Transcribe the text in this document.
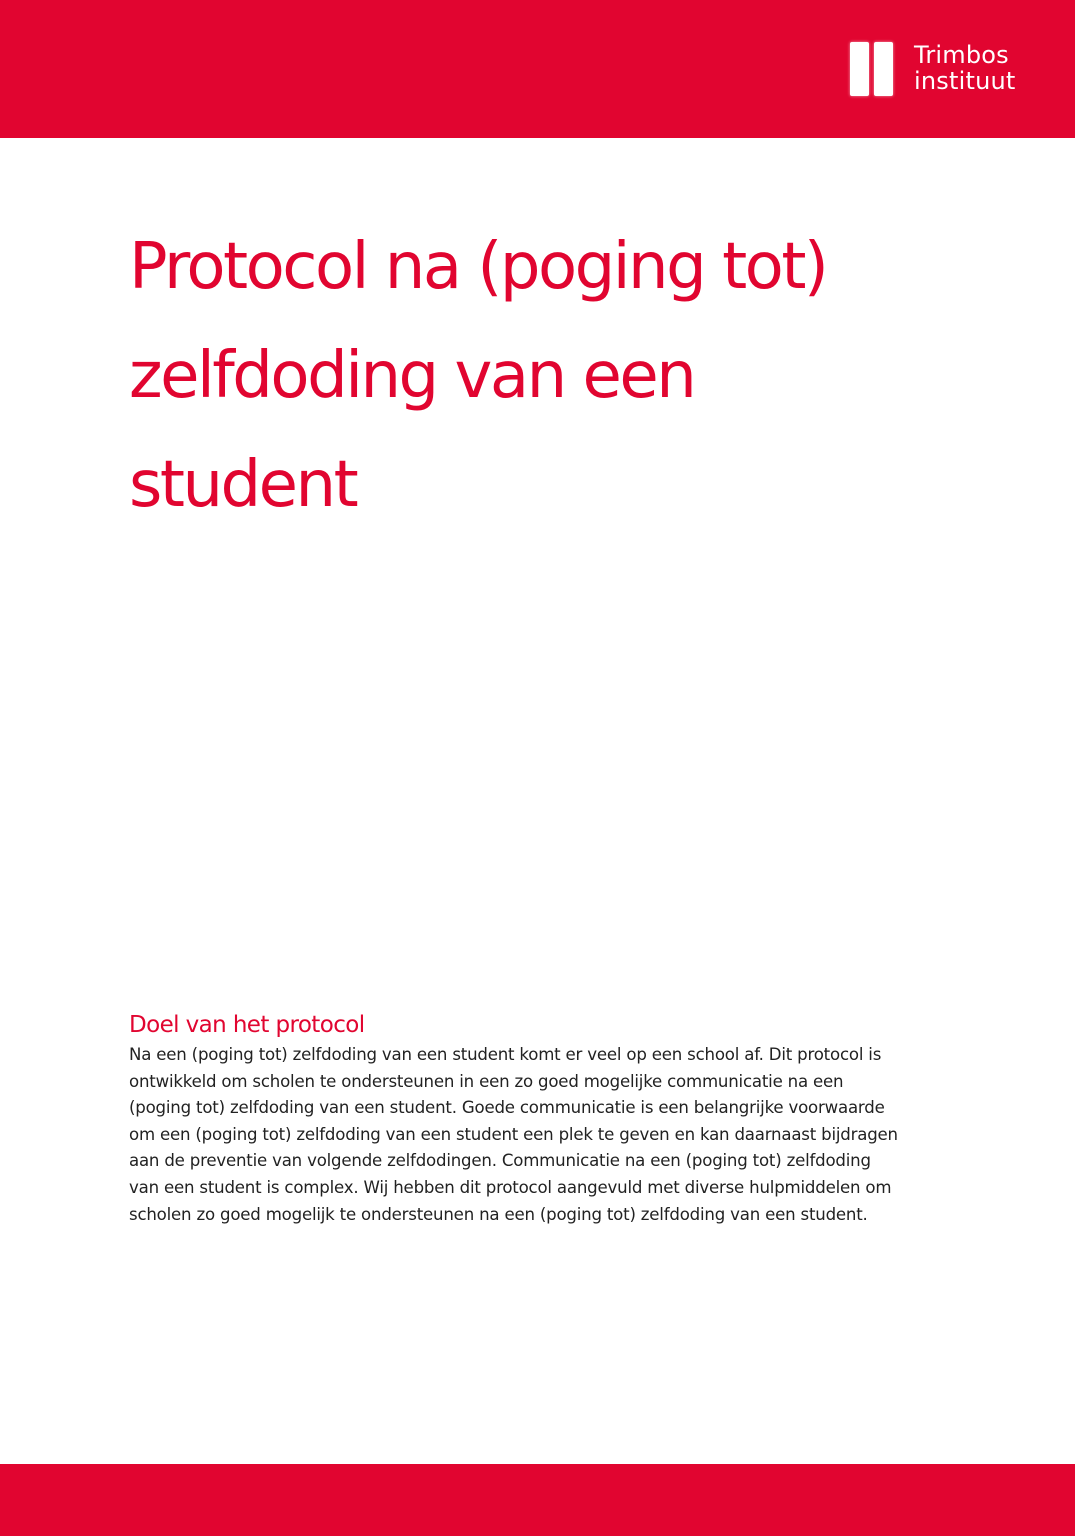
Trimbos
instituut
Protocol na (poging tot)
zelfdoding van een
student
Doel van het protocol

Na een (poging tot) zelfdoding van een student komt er veel op een school af. Dit protocol is
ontwikkeld om scholen te ondersteunen in een zo goed mogelijke communicatie na een
(poging tot) zelfdoding van een student. Goede communicatie is een belangrijke voorwaarde
om een (poging tot) zelfdoding van een student een plek te geven en kan daarnaast bijdragen
aan de preventie van volgende zelfdodingen. Communicatie na een (poging tot) zelfdoding
van een student is complex. Wij hebben dit protocol aangevuld met diverse hulpmiddelen om
scholen zo goed mogelijk te ondersteunen na een (poging tot) zelfdoding van een student.
